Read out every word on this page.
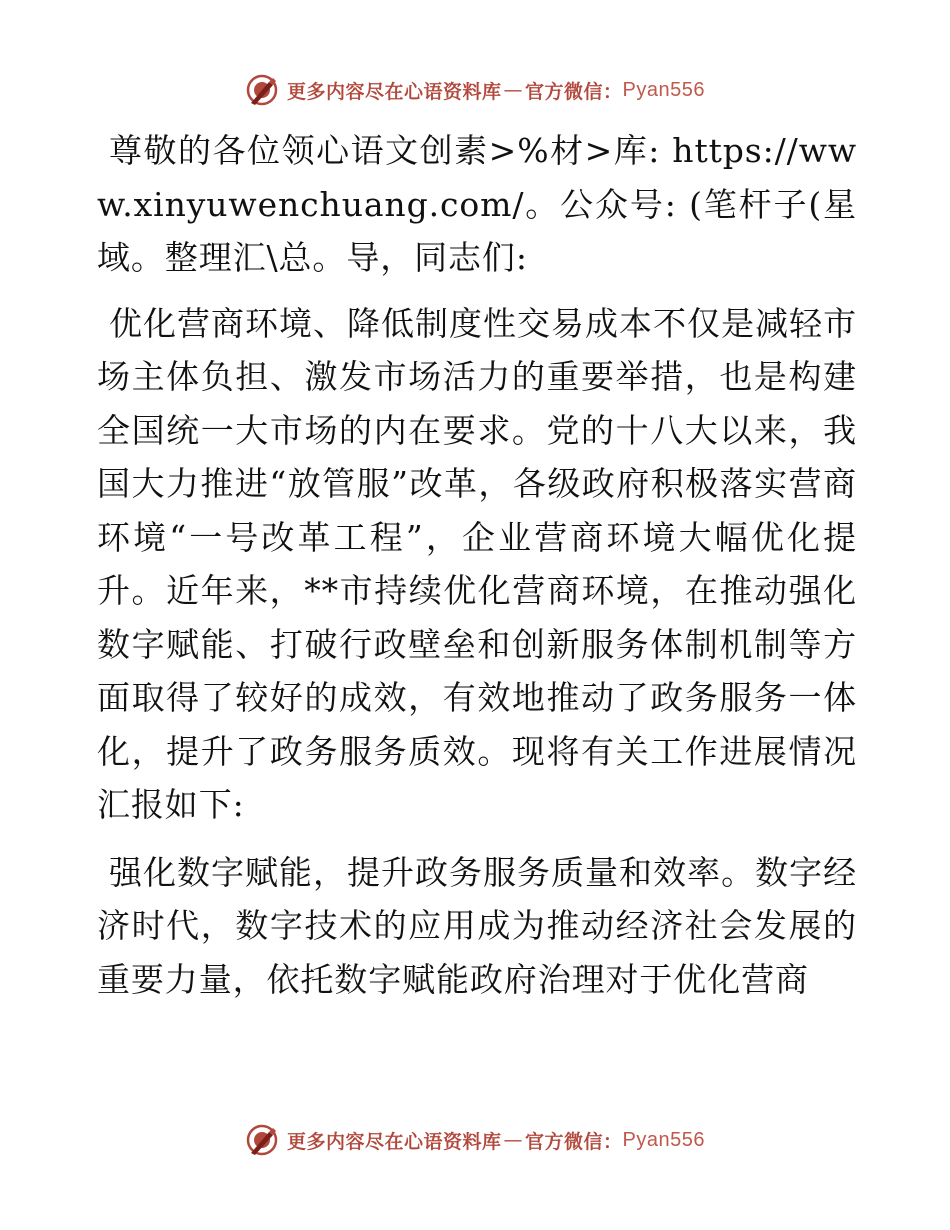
更多内容尽在心语资料库 — 官方微信： Pyan556

尊敬的各位领心语文创素>%材>库: https://www.xinyuwenchuang.com/。公众号: (笔杆子(星域。整理汇\总。导，同志们:

优化营商环境、降低制度性交易成本不仅是减轻市场主体负担、激发市场活力的重要举措，也是构建全国统一大市场的内在要求。党的十八大以来，我国大力推进“放管服”改革，各级政府积极落实营商环境“一号改革工程”，企业营商环境大幅优化提升。近年来，**市持续优化营商环境，在推动强化数字赋能、打破行政壁垒和创新服务体制机制等方面取得了较好的成效，有效地推动了政务服务一体化，提升了政务服务质效。现将有关工作进展情况汇报如下:

强化数字赋能，提升政务服务质量和效率。数字经济时代，数字技术的应用成为推动经济社会发展的重要力量，依托数字赋能政府治理对于优化营商

更多内容尽在心语资料库 — 官方微信： Pyan556
